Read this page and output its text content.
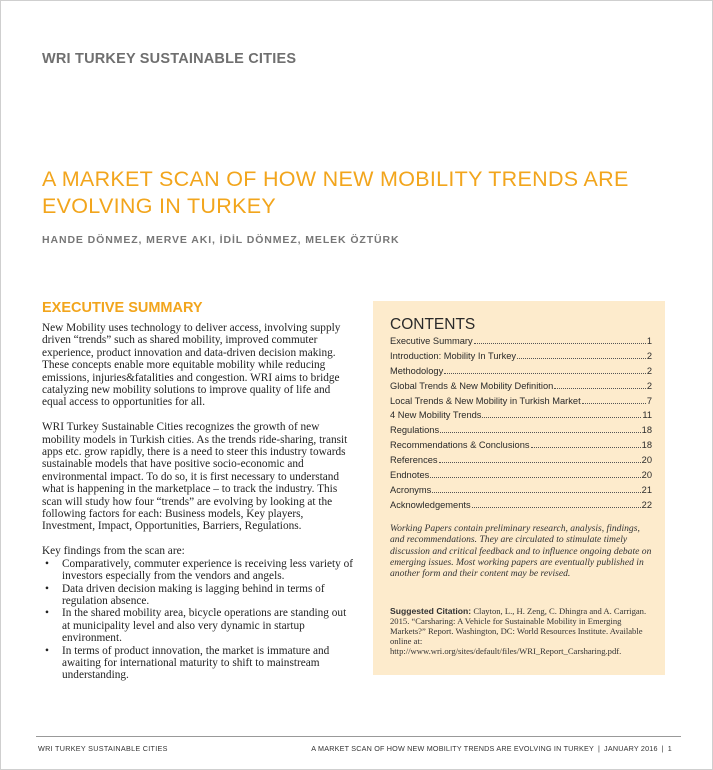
WRI TURKEY SUSTAINABLE CITIES
A MARKET SCAN OF HOW NEW MOBILITY TRENDS ARE
EVOLVING IN TURKEY
HANDE DÖNMEZ, MERVE AKI, İDİL DÖNMEZ, MELEK ÖZTÜRK
EXECUTIVE SUMMARY

New Mobility uses technology to deliver access, involving supply driven “trends” such as shared mobility, improved commuter experience, product innovation and data-driven decision making. These concepts enable more equitable mobility while reducing emissions, injuries&fatalities and congestion. WRI aims to bridge catalyzing new mobility solutions to improve quality of life and equal access to opportunities for all.

WRI Turkey Sustainable Cities recognizes the growth of new mobility models in Turkish cities. As the trends ride-sharing, transit apps etc. grow rapidly, there is a need to steer this industry towards sustainable models that have positive socio-economic and environmental impact. To do so, it is first necessary to understand what is happening in the marketplace – to track the industry. This scan will study how four “trends” are evolving by looking at the following factors for each: Business models, Key players, Investment, Impact, Opportunities, Barriers, Regulations.

Key findings from the scan are:

• Comparatively, commuter experience is receiving less variety of investors especially from the vendors and angels.
• Data driven decision making is lagging behind in terms of regulation absence.
• In the shared mobility area, bicycle operations are standing out at municipality level and also very dynamic in startup environment.
• In terms of product innovation, the market is immature and awaiting for international maturity to shift to mainstream understanding.
CONTENTS
Executive Summary	1
Introduction: Mobility In Turkey	2
Methodology	2
Global Trends & New Mobility Definition	2
Local Trends & New Mobility in Turkish Market	7
4 New Mobility Trends	11
Regulations	18
Recommendations & Conclusions	18
References	20
Endnotes	20
Acronyms	21
Acknowledgements	22
Working Papers contain preliminary research, analysis, findings, and recommendations. They are circulated to stimulate timely discussion and critical feedback and to influence ongoing debate on emerging issues. Most working papers are eventually published in another form and their content may be revised.
Suggested Citation: Clayton, L., H. Zeng, C. Dhingra and A. Carrigan. 2015. “Carsharing: A Vehicle for Sustainable Mobility in Emerging Markets?” Report. Washington, DC: World Resources Institute. Available online at: http://www.wri.org/sites/default/files/WRI_Report_Carsharing.pdf.
WRI TURKEY SUSTAINABLE CITIES	A MARKET SCAN OF HOW NEW MOBILITY TRENDS ARE EVOLVING IN TURKEY | JANUARY 2016 | 1
